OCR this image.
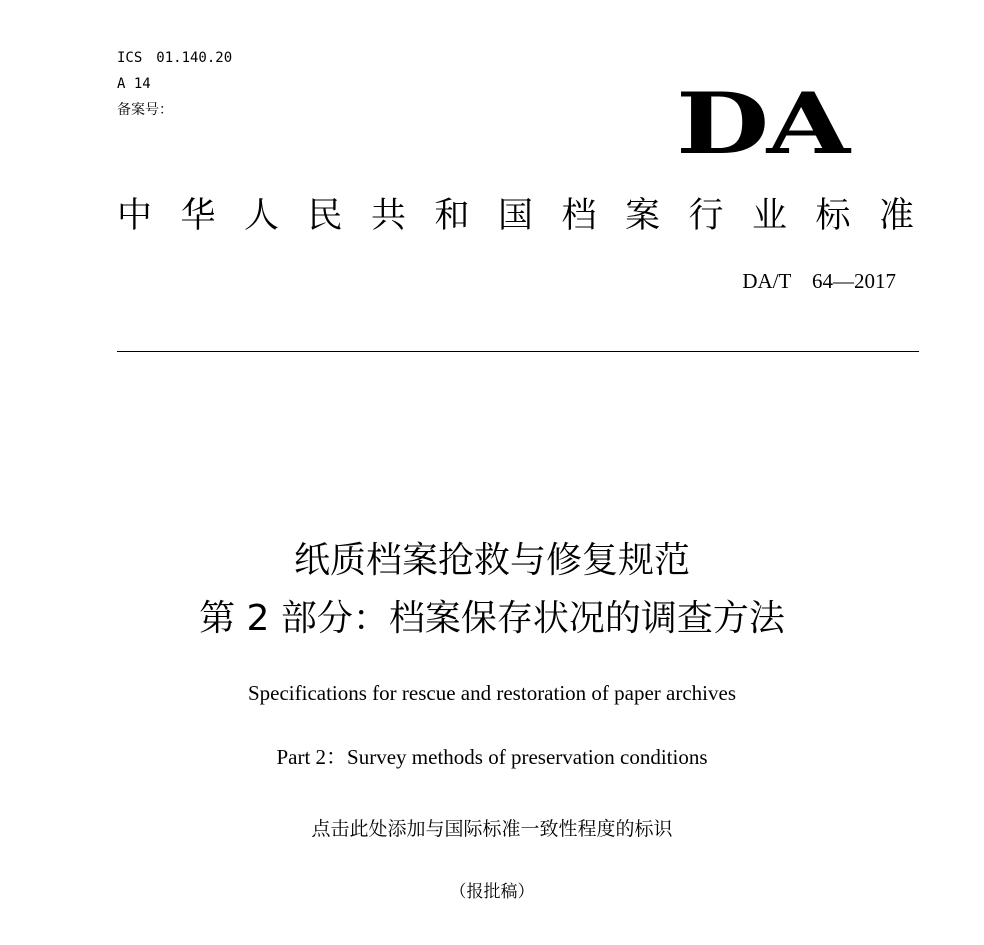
ICS　01.140.20
A 14
备案号：	DA
中华人民共和国档案行业标准
DA/T　64—2017
纸质档案抢救与修复规范
第 2 部分：档案保存状况的调查方法
Specifications for rescue and restoration of paper archives
Part 2：Survey methods of preservation conditions
点击此处添加与国际标准一致性程度的标识
（报批稿）
